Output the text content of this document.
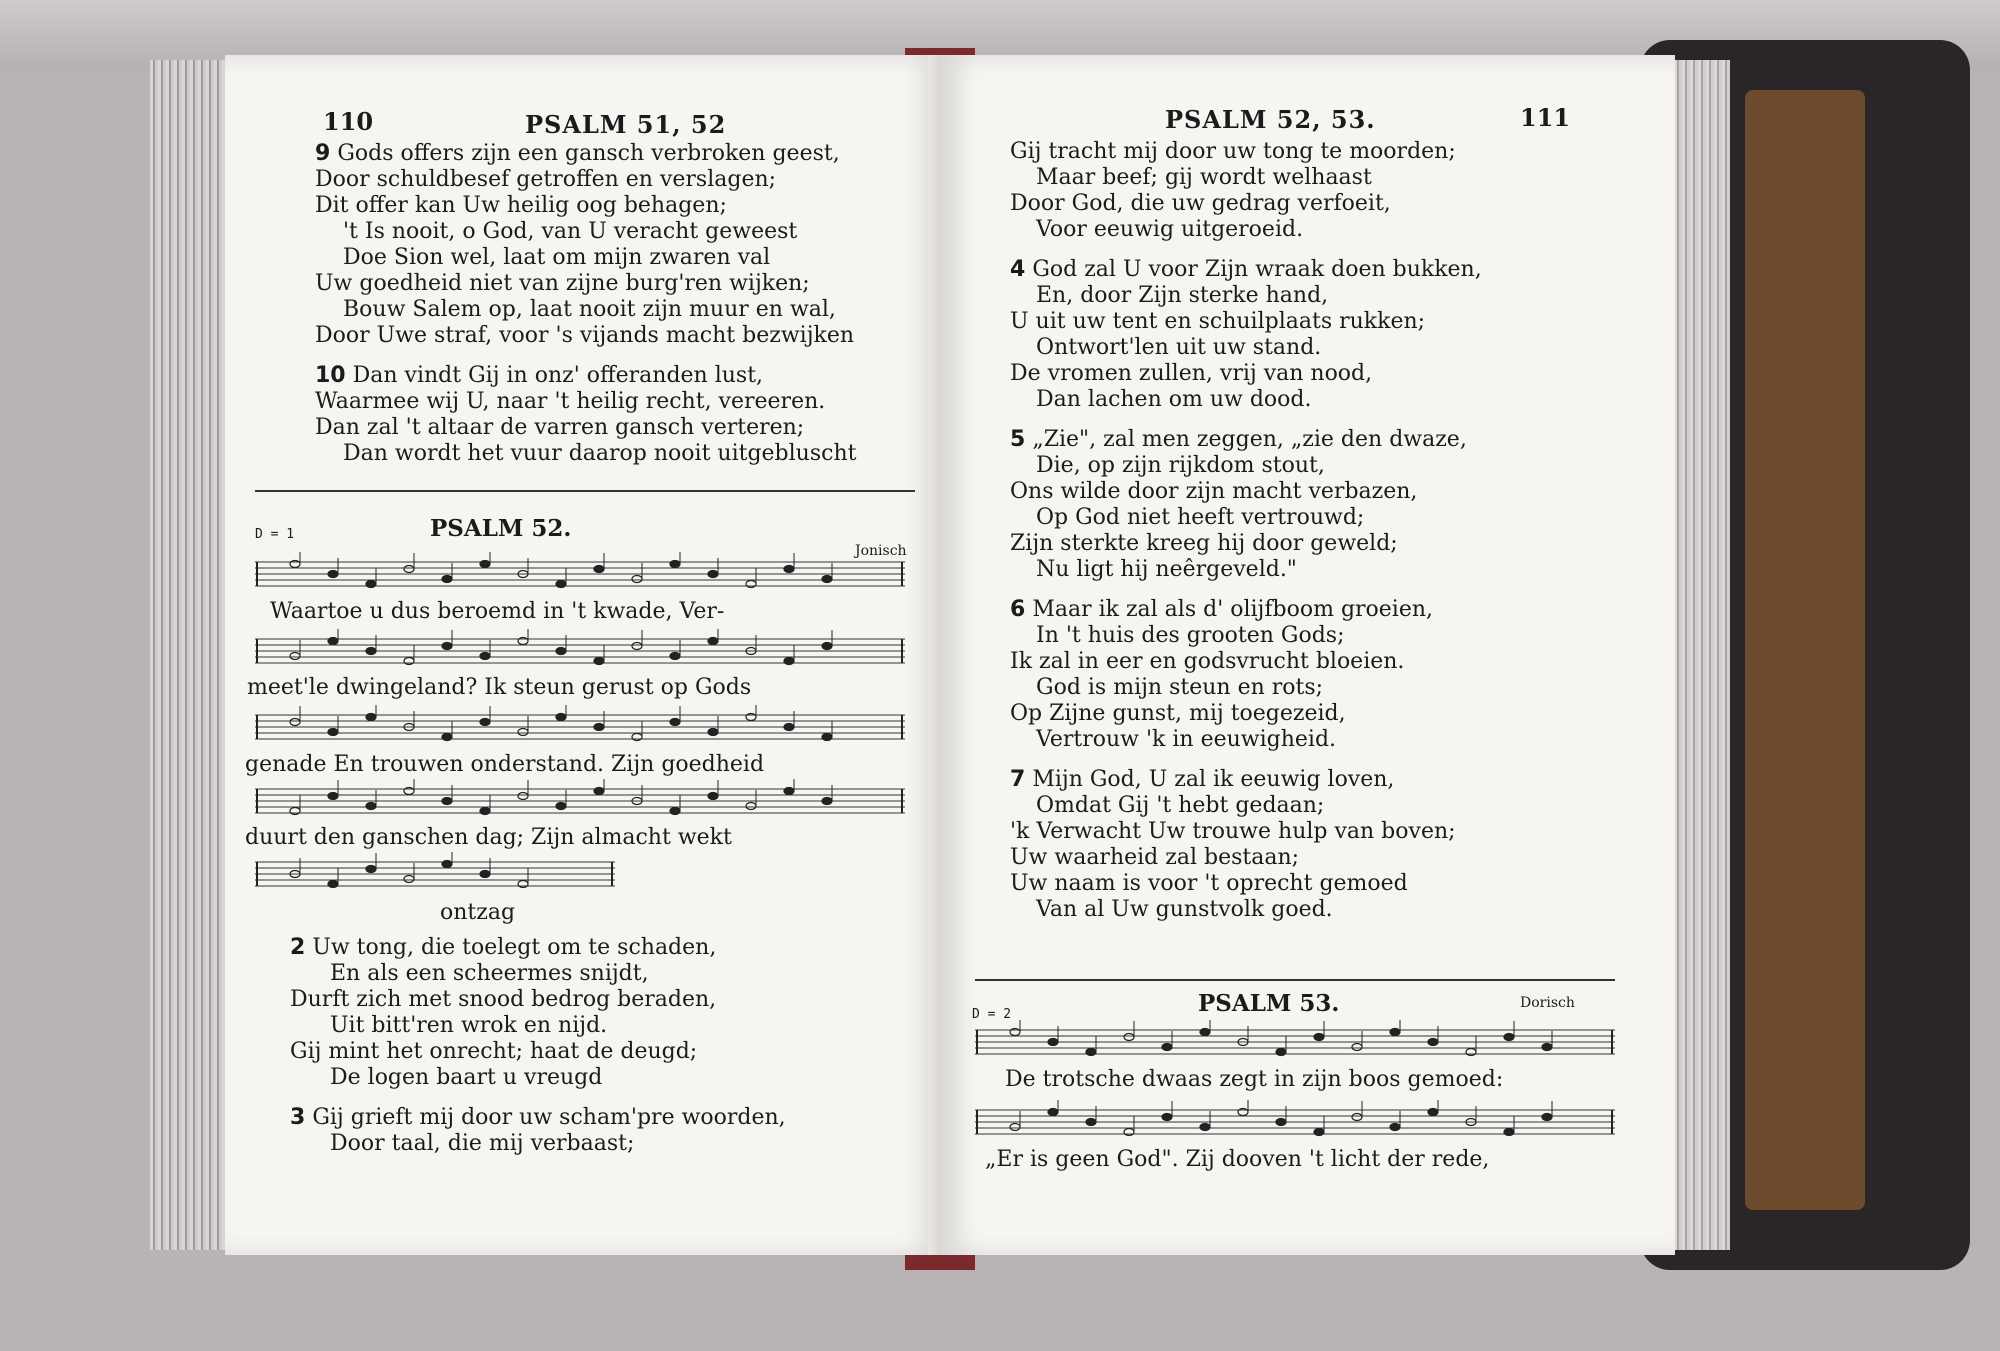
110	PSALM 51, 52
9 Gods offers zijn een gansch verbroken geest,
Door schuldbesef getroffen en verslagen;
Dit offer kan Uw heilig oog behagen;
't Is nooit, o God, van U veracht geweest
Doe Sion wel, laat om mijn zwaren val
Uw goedheid niet van zijne burg'ren wijken;
Bouw Salem op, laat nooit zijn muur en wal,
Door Uwe straf, voor 's vijands macht bezwijken
10 Dan vindt Gij in onz' offeranden lust,
Waarmee wij U, naar 't heilig recht, vereeren.
Dan zal 't altaar de varren gansch verteren;
Dan wordt het vuur daarop nooit uitgebluscht
D = 1	PSALM 52.
Jonisch
Waartoe u dus beroemd in 't kwade, Ver-
meet'le dwingeland? Ik steun gerust op Gods
genade En trouwen onderstand. Zijn goedheid
duurt den ganschen dag; Zijn almacht wekt
ontzag
2 Uw tong, die toelegt om te schaden,
En als een scheermes snijdt,
Durft zich met snood bedrog beraden,
Uit bitt'ren wrok en nijd.
Gij mint het onrecht; haat de deugd;
De logen baart u vreugd
3 Gij grieft mij door uw scham'pre woorden,
Door taal, die mij verbaast;
PSALM 52, 53.	111
Gij tracht mij door uw tong te moorden;
Maar beef; gij wordt welhaast
Door God, die uw gedrag verfoeit,
Voor eeuwig uitgeroeid.
4 God zal U voor Zijn wraak doen bukken,
En, door Zijn sterke hand,
U uit uw tent en schuilplaats rukken;
Ontwort'len uit uw stand.
De vromen zullen, vrij van nood,
Dan lachen om uw dood.
5 „Zie", zal men zeggen, „zie den dwaze,
Die, op zijn rijkdom stout,
Ons wilde door zijn macht verbazen,
Op God niet heeft vertrouwd;
Zijn sterkte kreeg hij door geweld;
Nu ligt hij neêrgeveld."
6 Maar ik zal als d' olijfboom groeien,
In 't huis des grooten Gods;
Ik zal in eer en godsvrucht bloeien.
God is mijn steun en rots;
Op Zijne gunst, mij toegezeid,
Vertrouw 'k in eeuwigheid.
7 Mijn God, U zal ik eeuwig loven,
Omdat Gij 't hebt gedaan;
'k Verwacht Uw trouwe hulp van boven;
Uw waarheid zal bestaan;
Uw naam is voor 't oprecht gemoed
Van al Uw gunstvolk goed.
D = 2	PSALM 53.	Dorisch
De trotsche dwaas zegt in zijn boos gemoed:
„Er is geen God". Zij dooven 't licht der rede,
